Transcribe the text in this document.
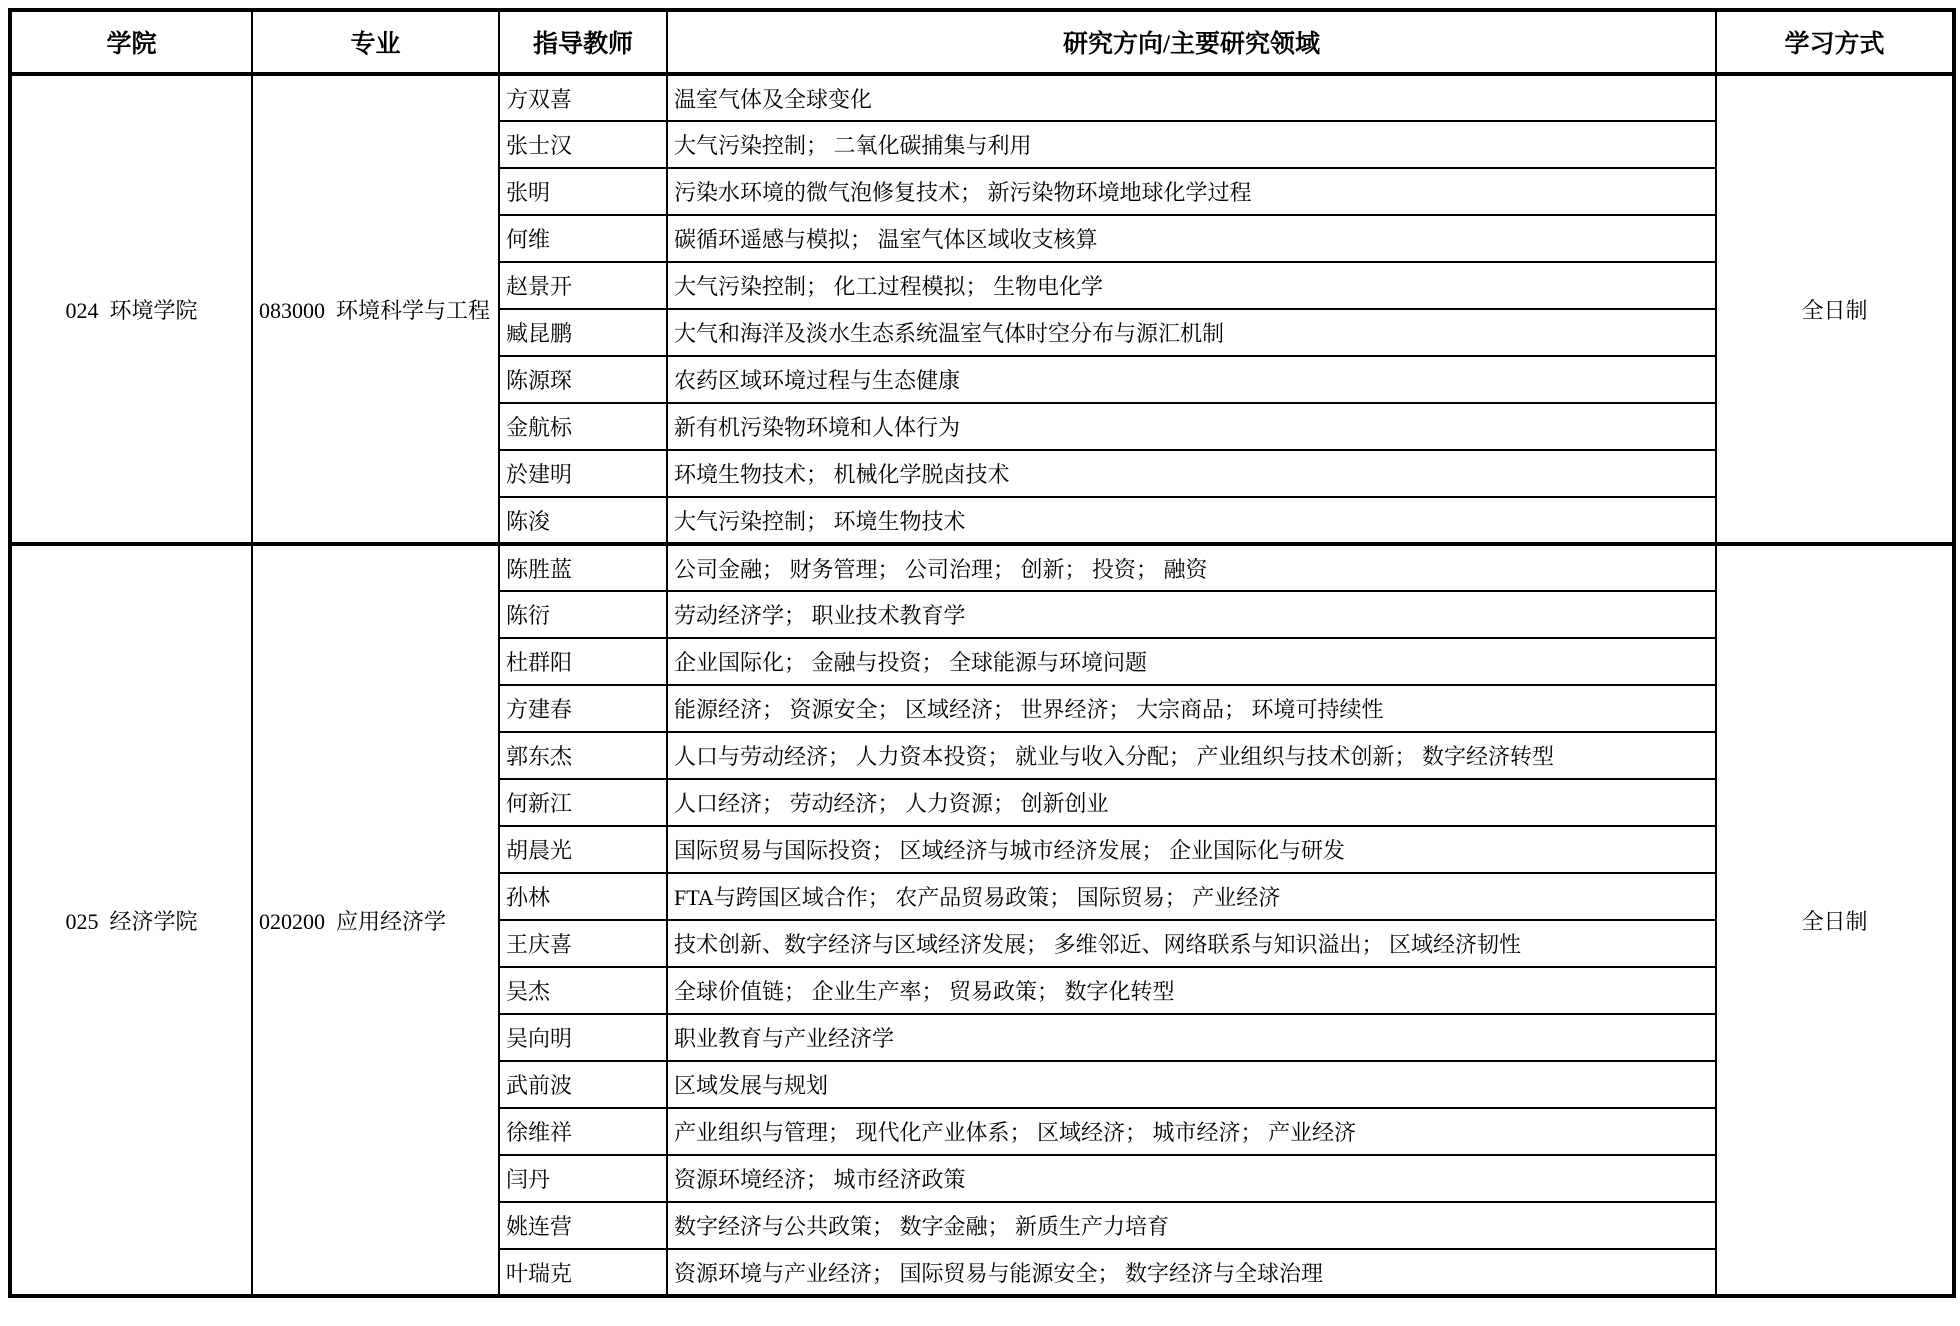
学院	专业	指导教师	研究方向/主要研究领域	学习方式
024  环境学院	083000  环境科学与工程	方双喜	温室气体及全球变化	全日制
		张士汉	大气污染控制； 二氧化碳捕集与利用	
		张明	污染水环境的微气泡修复技术； 新污染物环境地球化学过程	
		何维	碳循环遥感与模拟； 温室气体区域收支核算	
		赵景开	大气污染控制； 化工过程模拟； 生物电化学	
		臧昆鹏	大气和海洋及淡水生态系统温室气体时空分布与源汇机制	
		陈源琛	农药区域环境过程与生态健康	
		金航标	新有机污染物环境和人体行为	
		於建明	环境生物技术； 机械化学脱卤技术	
		陈浚	大气污染控制； 环境生物技术	
025  经济学院	020200  应用经济学	陈胜蓝	公司金融； 财务管理； 公司治理； 创新； 投资； 融资	全日制
		陈衍	劳动经济学； 职业技术教育学	
		杜群阳	企业国际化； 金融与投资； 全球能源与环境问题	
		方建春	能源经济； 资源安全； 区域经济； 世界经济； 大宗商品； 环境可持续性	
		郭东杰	人口与劳动经济； 人力资本投资； 就业与收入分配； 产业组织与技术创新； 数字经济转型	
		何新江	人口经济； 劳动经济； 人力资源； 创新创业	
		胡晨光	国际贸易与国际投资； 区域经济与城市经济发展； 企业国际化与研发	
		孙林	FTA与跨国区域合作； 农产品贸易政策； 国际贸易； 产业经济	
		王庆喜	技术创新、数字经济与区域经济发展； 多维邻近、网络联系与知识溢出； 区域经济韧性	
		吴杰	全球价值链； 企业生产率； 贸易政策； 数字化转型	
		吴向明	职业教育与产业经济学	
		武前波	区域发展与规划	
		徐维祥	产业组织与管理； 现代化产业体系； 区域经济； 城市经济； 产业经济	
		闫丹	资源环境经济； 城市经济政策	
		姚连营	数字经济与公共政策； 数字金融； 新质生产力培育	
		叶瑞克	资源环境与产业经济； 国际贸易与能源安全； 数字经济与全球治理	
